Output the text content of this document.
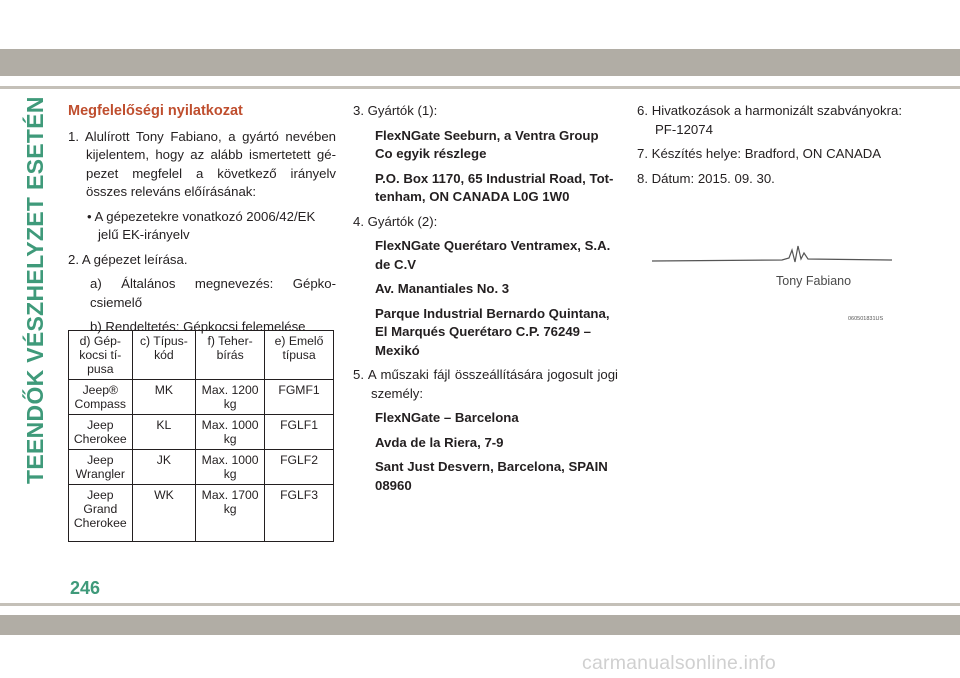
TEENDŐK VÉSZHELYZET ESETÉN Megfelelőségi nyilatkozat

1. Alulírott Tony Fabiano, a gyártó nevében kijelentem, hogy az alább ismertetett gépezet megfelel a következő irányelv összes releváns előírásának:

• A gépezetekre vonatkozó 2006/42/EK jelű EK-irányelv

2. A gépezet leírása.

a) Általános megnevezés: Gépkocsiemelő

b) Rendeltetés: Gépkocsi felemelése

d) Gépkocsi típusa	c) Típuskód	f) Teherbírás	e) Emelő típusa
Jeep® Compass	MK	Max. 1200 kg	FGMF1
Jeep Cherokee	KL	Max. 1000 kg	FGLF1
Jeep Wrangler	JK	Max. 1000 kg	FGLF2
Jeep Grand Cherokee	WK	Max. 1700 kg	FGLF3

3. Gyártók (1):

FlexNGate Seeburn, a Ventra Group Co egyik részlege

P.O. Box 1170, 65 Industrial Road, Tottenham, ON CANADA L0G 1W0

4. Gyártók (2):

FlexNGate Querétaro Ventramex, S.A. de C.V

Av. Manantiales No. 3

Parque Industrial Bernardo Quintana, El Marqués Querétaro C.P. 76249 – Mexikó

5. A műszaki fájl összeállítására jogosult jogi személy:

FlexNGate – Barcelona

Avda de la Riera, 7-9

Sant Just Desvern, Barcelona, SPAIN 08960

6. Hivatkozások a harmonizált szabványokra: PF-12074

7. Készítés helye: Bradford, ON CANADA

8. Dátum: 2015. 09. 30.

Tony Fabiano
060501831US
246
carmanualsonline.info
